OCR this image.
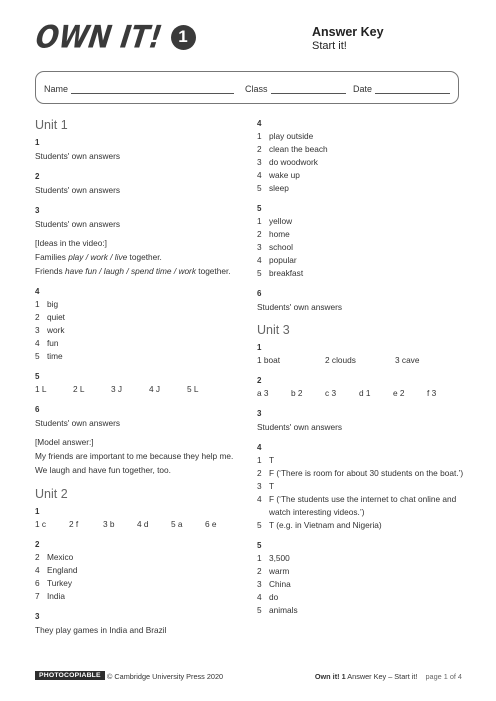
OWN IT! 1	Answer Key
Start it!
Name	Class	Date
Unit 1
1
Students' own answers
2
Students' own answers
3
Students' own answers
[Ideas in the video:]
Families play / work / live together.
Friends have fun / laugh / spend time / work together.
4
1 big
2 quiet
3 work
4 fun
5 time
5
1 L	2 L	3 J	4 J	5 L
6
Students' own answers
[Model answer:]
My friends are important to me because they help me.
We laugh and have fun together, too.
Unit 2
1
1 c	2 f	3 b	4 d	5 a	6 e
2
2 Mexico
4 England
6 Turkey
7 India
3
They play games in India and Brazil
4
1 play outside
2 clean the beach
3 do woodwork
4 wake up
5 sleep
5
1 yellow
2 home
3 school
4 popular
5 breakfast
6
Students' own answers
Unit 3
1
1 boat	2 clouds	3 cave
2
a 3	b 2	c 3	d 1	e 2	f 3
3
Students' own answers
4
1 T
2 F (‘There is room for about 30 students on the boat.’)
3 T
4 F (‘The students use the internet to chat online and
watch interesting videos.’)
5 T (e.g. in Vietnam and Nigeria)
5
1 3,500
2 warm
3 China
4 do
5 animals
PHOTOCOPIABLE © Cambridge University Press 2020	Own it! 1 Answer Key – Start it! page 1 of 4
